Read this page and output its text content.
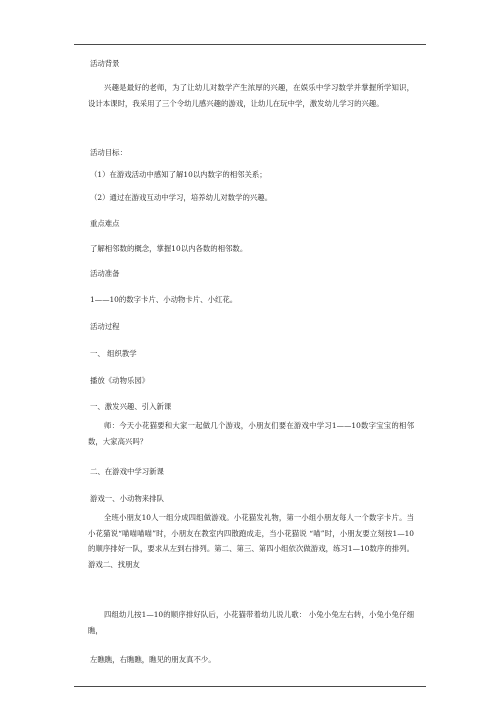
活动背景
兴趣是最好的老师，为了让幼儿对数学产生浓厚的兴趣，在娱乐中学习数学并掌握所学知识，设计本课时，我采用了三个令幼儿感兴趣的游戏，让幼儿在玩中学，激发幼儿学习的兴趣。
活动目标：
（1）在游戏活动中感知了解10以内数字的相邻关系；
（2）通过在游戏互动中学习，培养幼儿对数学的兴趣。
重点难点
了解相邻数的概念，掌握10以内各数的相邻数。
活动准备
1——10的数字卡片、小动物卡片、小红花。
活动过程
一、 组织教学
播放《动物乐园》
一、激发兴趣、引入新课
师：今天小花猫要和大家一起做几个游戏，小朋友们要在游戏中学习1——10数字宝宝的相邻数，大家高兴吗？
二、在游戏中学习新课
游戏一、小动物来排队
全班小朋友10人一组分成四组做游戏。小花猫发礼物，第一小组小朋友每人一个数字卡片。当小花猫说“喵喵喵喵”时，小朋友在教室内四散跑成走，当小花猫说 “喵”时，小朋友要立刻按1—10的顺序排好一队，要求从左到右排列。第二、第三、第四小组依次做游戏，练习1—10数序的排列。 游戏二、找朋友
四组幼儿按1—10的顺序排好队后，小花猫带着幼儿说儿歌： 小兔小兔左右转，小兔小兔仔细瞧，
左瞧瞧，右瞧瞧，瞧见的朋友真不少。
